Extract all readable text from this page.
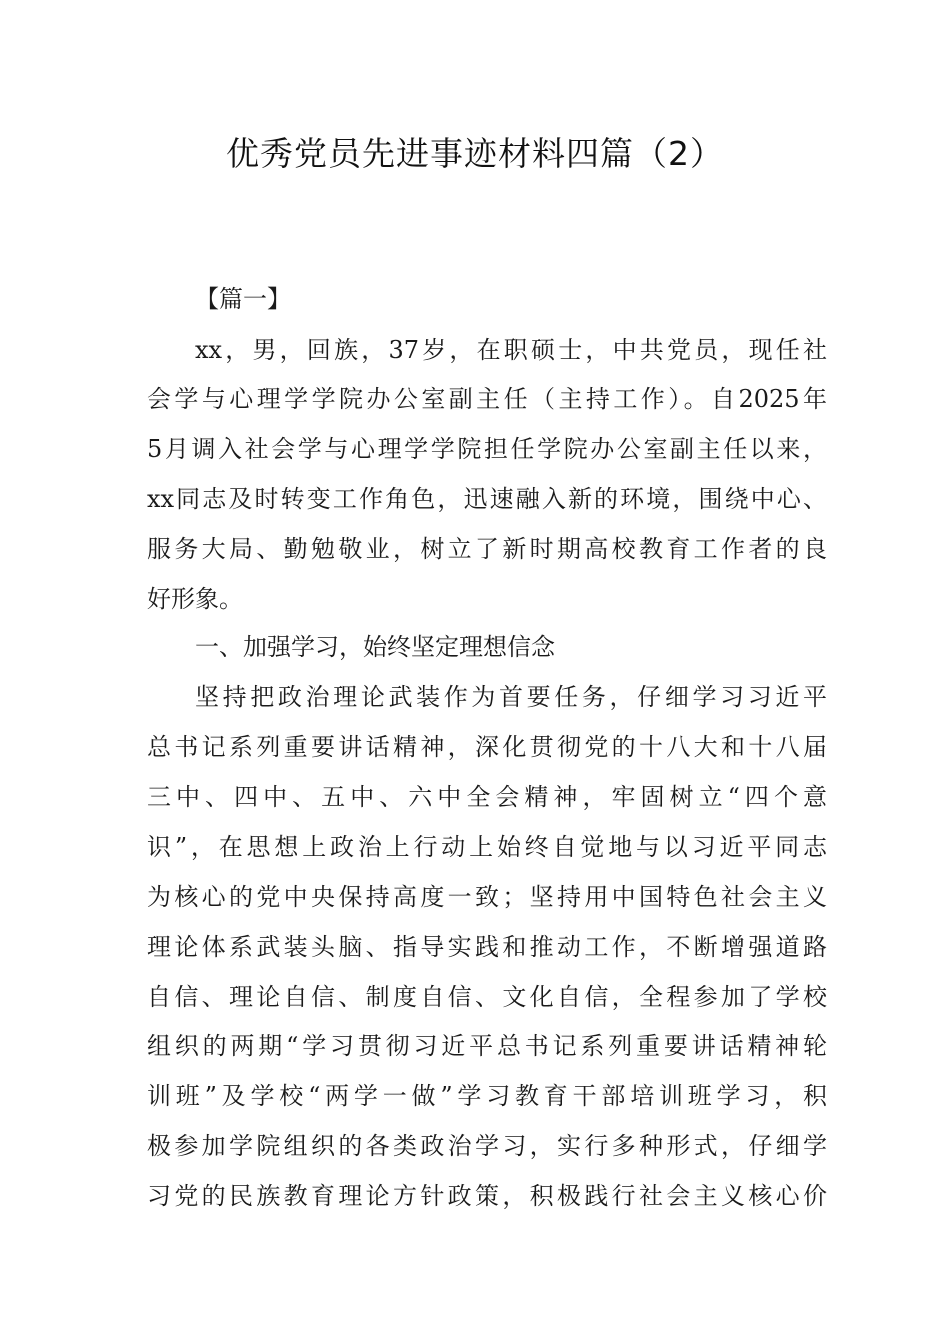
优秀党员先进事迹材料四篇（2）

【篇一】

xx，男，回族，37岁，在职硕士，中共党员，现任社

会学与心理学学院办公室副主任（主持工作）。自2025年

5月调入社会学与心理学学院担任学院办公室副主任以来，

xx同志及时转变工作角色，迅速融入新的环境，围绕中心、

服务大局、勤勉敬业，树立了新时期高校教育工作者的良

好形象。

一、加强学习，始终坚定理想信念

坚持把政治理论武装作为首要任务，仔细学习习近平

总书记系列重要讲话精神，深化贯彻党的十八大和十八届

三中、四中、五中、六中全会精神，牢固树立“四个意

识”，在思想上政治上行动上始终自觉地与以习近平同志

为核心的党中央保持高度一致；坚持用中国特色社会主义

理论体系武装头脑、指导实践和推动工作，不断增强道路

自信、理论自信、制度自信、文化自信，全程参加了学校

组织的两期“学习贯彻习近平总书记系列重要讲话精神轮

训班”及学校“两学一做”学习教育干部培训班学习，积

极参加学院组织的各类政治学习，实行多种形式，仔细学

习党的民族教育理论方针政策，积极践行社会主义核心价
